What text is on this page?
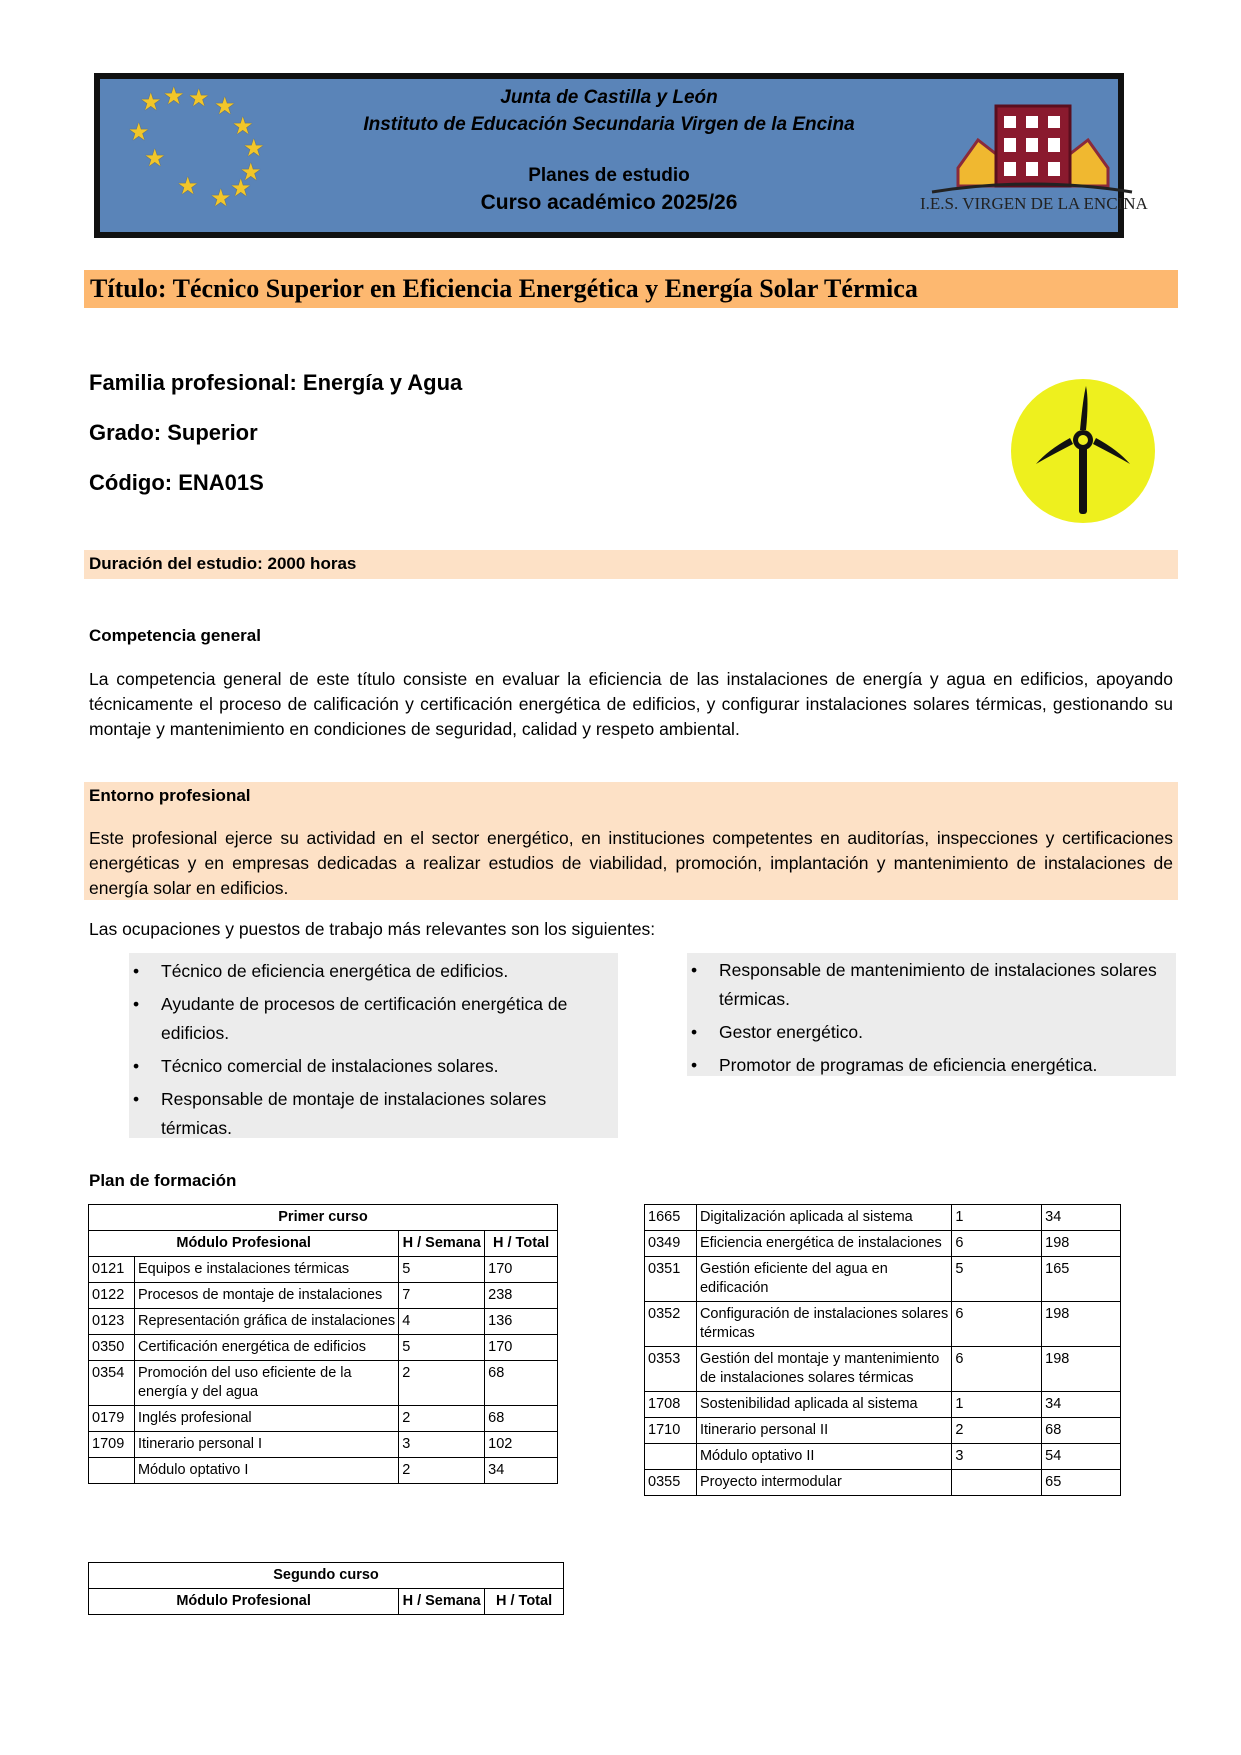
★ ★ ★ ★
★
★
★
★
★
★
★
★
Junta de Castilla y León
Instituto de Educación Secundaria Virgen de la Encina
Planes de estudio
Curso académico 2025/26	I.E.S. VIRGEN DE LA ENCINA
Título: Técnico Superior en Eficiencia Energética y Energía Solar Térmica
Familia profesional: Energía y Agua
Grado: Superior
Código: ENA01S
Duración del estudio: 2000 horas
Competencia general
La competencia general de este título consiste en evaluar la eficiencia de las instalaciones de energía y agua en edificios, apoyando técnicamente el proceso de calificación y certificación energética de edificios, y configurar instalaciones solares térmicas, gestionando su montaje y mantenimiento en condiciones de seguridad, calidad y respeto ambiental.
Entorno profesional
Este profesional ejerce su actividad en el sector energético, en instituciones competentes en auditorías, inspecciones y certificaciones energéticas y en empresas dedicadas a realizar estudios de viabilidad, promoción, implantación y mantenimiento de instalaciones de energía solar en edificios.
Las ocupaciones y puestos de trabajo más relevantes son los siguientes:
• Técnico de eficiencia energética de edificios.
• Ayudante de procesos de certificación energética de edificios.
• Técnico comercial de instalaciones solares.
• Responsable de montaje de instalaciones solares térmicas.
• Responsable de mantenimiento de instalaciones solares térmicas.
• Gestor energético.
• Promotor de programas de eficiencia energética.
Plan de formación
Primer curso			
Módulo Profesional		H / Semana	H / Total
0121	Equipos e instalaciones térmicas	5	170
0122	Procesos de montaje de instalaciones	7	238
0123	Representación gráfica de instalaciones	4	136
0350	Certificación energética de edificios	5	170
0354	Promoción del uso eficiente de la energía y del agua	2	68
0179	Inglés profesional	2	68
1709	Itinerario personal I	3	102
	Módulo optativo I	2	34
Segundo curso
Módulo Profesional	H / Semana	H / Total
1665	Digitalización aplicada al sistema	1	34
0349	Eficiencia energética de instalaciones	6	198
0351	Gestión eficiente del agua en edificación	5	165
0352	Configuración de instalaciones solares térmicas	6	198
0353	Gestión del montaje y mantenimiento de instalaciones solares térmicas	6	198
1708	Sostenibilidad aplicada al sistema	1	34
1710	Itinerario personal II	2	68
	Módulo optativo II	3	54
0355	Proyecto intermodular		65
